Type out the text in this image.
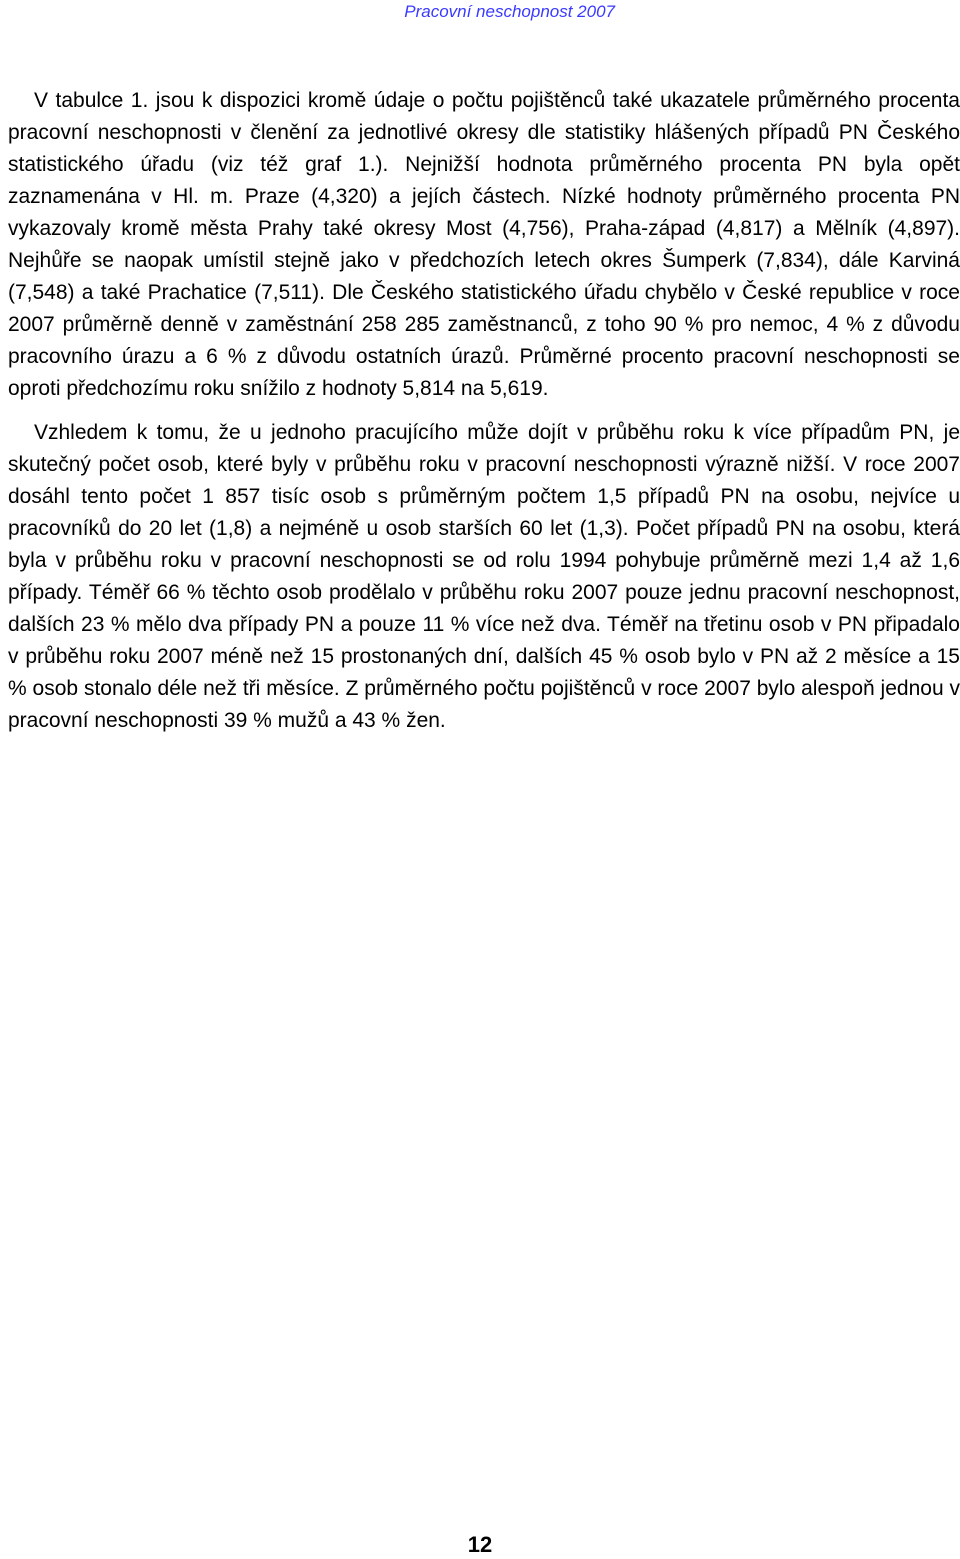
Pracovní neschopnost 2007

V tabulce 1. jsou k dispozici kromě údaje o počtu pojištěnců také ukazatele průměrného procenta pracovní neschopnosti v členění za jednotlivé okresy dle statistiky hlášených případů PN Českého statistického úřadu (viz též graf 1.). Nejnižší hodnota průměrného procenta PN byla opět zaznamenána v Hl. m. Praze (4,320) a jejích částech. Nízké hodnoty průměrného procenta PN vykazovaly kromě města Prahy také okresy Most (4,756), Praha-západ (4,817) a Mělník (4,897). Nejhůře se naopak umístil stejně jako v předchozích letech okres Šumperk (7,834), dále Karviná (7,548) a také Prachatice (7,511). Dle Českého statistického úřadu chybělo v České republice v roce 2007 průměrně denně v zaměstnání 258 285 zaměstnanců, z toho 90 % pro nemoc, 4 % z důvodu pracovního úrazu a 6 % z důvodu ostatních úrazů. Průměrné procento pracovní neschopnosti se oproti předchozímu roku snížilo z hodnoty 5,814 na 5,619.

Vzhledem k tomu, že u jednoho pracujícího může dojít v průběhu roku k více případům PN, je skutečný počet osob, které byly v průběhu roku v pracovní neschopnosti výrazně nižší. V roce 2007 dosáhl tento počet 1 857 tisíc osob s průměrným počtem 1,5 případů PN na osobu, nejvíce u pracovníků do 20 let (1,8) a nejméně u osob starších 60 let (1,3). Počet případů PN na osobu, která byla v průběhu roku v pracovní neschopnosti se od rolu 1994 pohybuje průměrně mezi 1,4 až 1,6 případy. Téměř 66 % těchto osob prodělalo v průběhu roku 2007 pouze jednu pracovní neschopnost, dalších 23 % mělo dva případy PN a pouze 11 % více než dva. Téměř na třetinu osob v PN připadalo v průběhu roku 2007 méně než 15 prostonaných dní, dalších 45 % osob bylo v PN až 2 měsíce a 15 % osob stonalo déle než tři měsíce. Z průměrného počtu pojištěnců v roce 2007 bylo alespoň jednou v pracovní neschopnosti 39 % mužů a 43 % žen.

12
